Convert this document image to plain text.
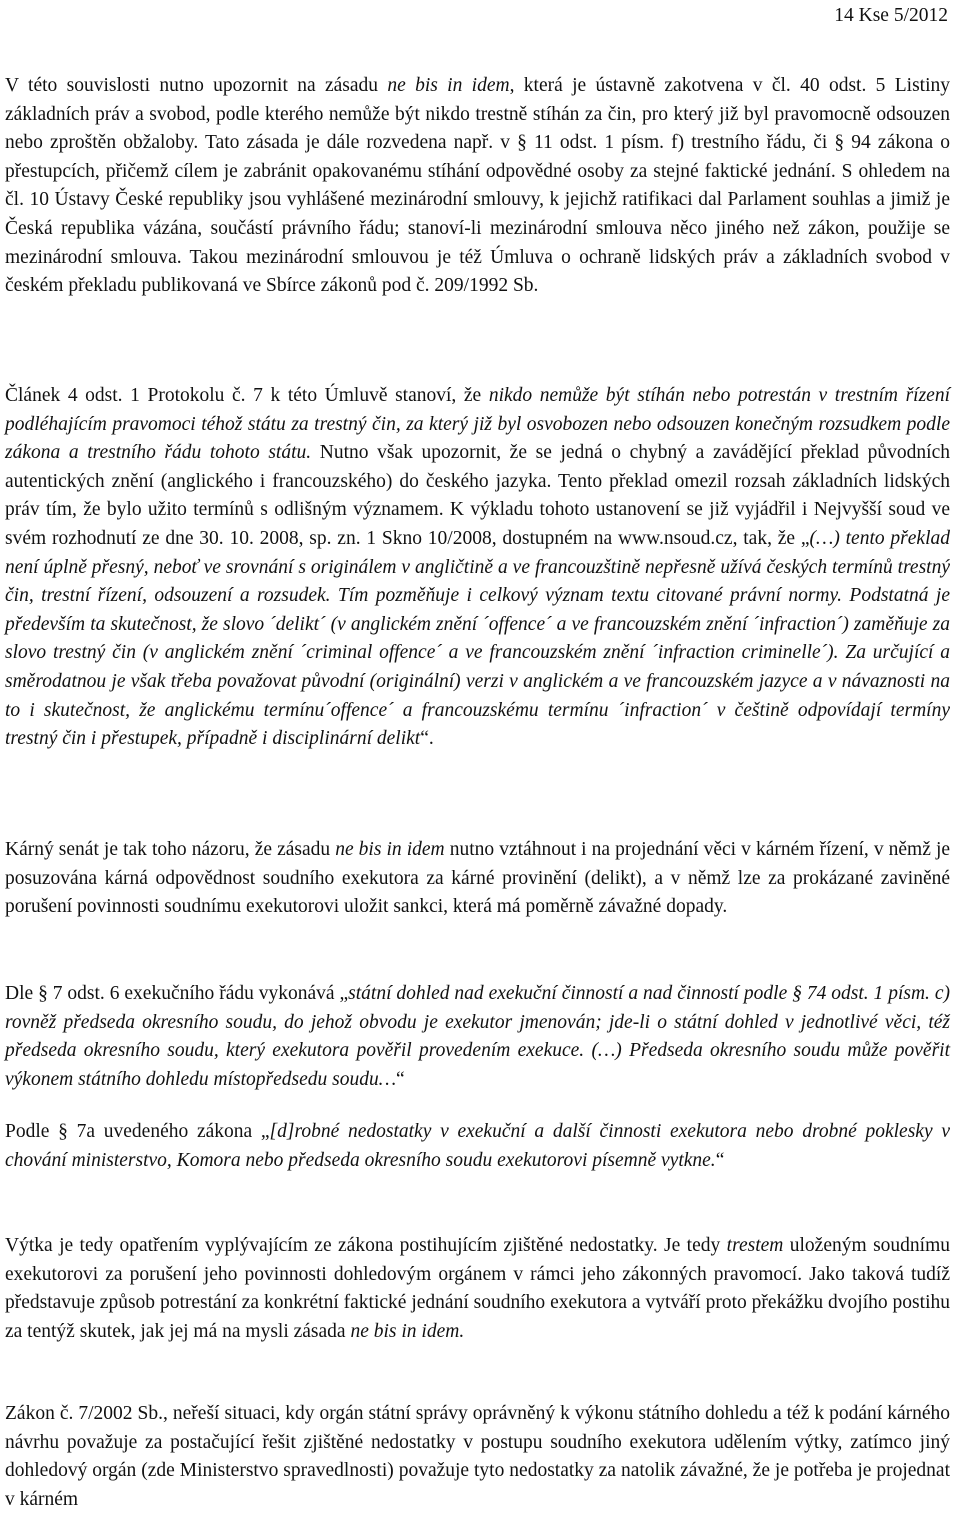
14 Kse 5/2012
V této souvislosti nutno upozornit na zásadu ne bis in idem, která je ústavně zakotvena v čl. 40 odst. 5 Listiny základních práv a svobod, podle kterého nemůže být nikdo trestně stíhán za čin, pro který již byl pravomocně odsouzen nebo zproštěn obžaloby. Tato zásada je dále rozvedena např. v § 11 odst. 1 písm. f) trestního řádu, či § 94 zákona o přestupcích, přičemž cílem je zabránit opakovanému stíhání odpovědné osoby za stejné faktické jednání. S ohledem na čl. 10 Ústavy České republiky jsou vyhlášené mezinárodní smlouvy, k jejichž ratifikaci dal Parlament souhlas a jimiž je Česká republika vázána, součástí právního řádu; stanoví-li mezinárodní smlouva něco jiného než zákon, použije se mezinárodní smlouva. Takou mezinárodní smlouvou je též Úmluva o ochraně lidských práv a základních svobod v českém překladu publikovaná ve Sbírce zákonů pod č. 209/1992 Sb.
Článek 4 odst. 1 Protokolu č. 7 k této Úmluvě stanoví, že nikdo nemůže být stíhán nebo potrestán v trestním řízení podléhajícím pravomoci téhož státu za trestný čin, za který již byl osvobozen nebo odsouzen konečným rozsudkem podle zákona a trestního řádu tohoto státu. Nutno však upozornit, že se jedná o chybný a zavádějící překlad původních autentických znění (anglického i francouzského) do českého jazyka. Tento překlad omezil rozsah základních lidských práv tím, že bylo užito termínů s odlišným významem. K výkladu tohoto ustanovení se již vyjádřil i Nejvyšší soud ve svém rozhodnutí ze dne 30. 10. 2008, sp. zn. 1 Skno 10/2008, dostupném na www.nsoud.cz, tak, že „(…) tento překlad není úplně přesný, neboť ve srovnání s originálem v angličtině a ve francouzštině nepřesně užívá českých termínů trestný čin, trestní řízení, odsouzení a rozsudek. Tím pozměňuje i celkový význam textu citované právní normy. Podstatná je především ta skutečnost, že slovo ´delikt´ (v anglickém znění ´offence´ a ve francouzském znění ´infraction´) zaměňuje za slovo trestný čin (v anglickém znění ´criminal offence´ a ve francouzském znění ´infraction criminelle´). Za určující a směrodatnou je však třeba považovat původní (originální) verzi v anglickém a ve francouzském jazyce a v návaznosti na to i skutečnost, že anglickému termínu´offence´ a francouzskému termínu ´infraction´ v češtině odpovídají termíny trestný čin i přestupek, případně i disciplinární delikt“.
Kárný senát je tak toho názoru, že zásadu ne bis in idem nutno vztáhnout i na projednání věci v kárném řízení, v němž je posuzována kárná odpovědnost soudního exekutora za kárné provinění (delikt), a v němž lze za prokázané zaviněné porušení povinnosti soudnímu exekutorovi uložit sankci, která má poměrně závažné dopady.
Dle § 7 odst. 6 exekučního řádu vykonává „státní dohled nad exekuční činností a nad činností podle § 74 odst. 1 písm. c) rovněž předseda okresního soudu, do jehož obvodu je exekutor jmenován; jde-li o státní dohled v jednotlivé věci, též předseda okresního soudu, který exekutora pověřil provedením exekuce. (…) Předseda okresního soudu může pověřit výkonem státního dohledu místopředsedu soudu…“
Podle § 7a uvedeného zákona „[d]robné nedostatky v exekuční a další činnosti exekutora nebo drobné poklesky v chování ministerstvo, Komora nebo předseda okresního soudu exekutorovi písemně vytkne.“
Výtka je tedy opatřením vyplývajícím ze zákona postihujícím zjištěné nedostatky. Je tedy trestem uloženým soudnímu exekutorovi za porušení jeho povinnosti dohledovým orgánem v rámci jeho zákonných pravomocí. Jako taková tudíž představuje způsob potrestání za konkrétní faktické jednání soudního exekutora a vytváří proto překážku dvojího postihu za tentýž skutek, jak jej má na mysli zásada ne bis in idem.
Zákon č. 7/2002 Sb., neřeší situaci, kdy orgán státní správy oprávněný k výkonu státního dohledu a též k podání kárného návrhu považuje za postačující řešit zjištěné nedostatky v postupu soudního exekutora udělením výtky, zatímco jiný dohledový orgán (zde Ministerstvo spravedlnosti) považuje tyto nedostatky za natolik závažné, že je potřeba je projednat v kárném
